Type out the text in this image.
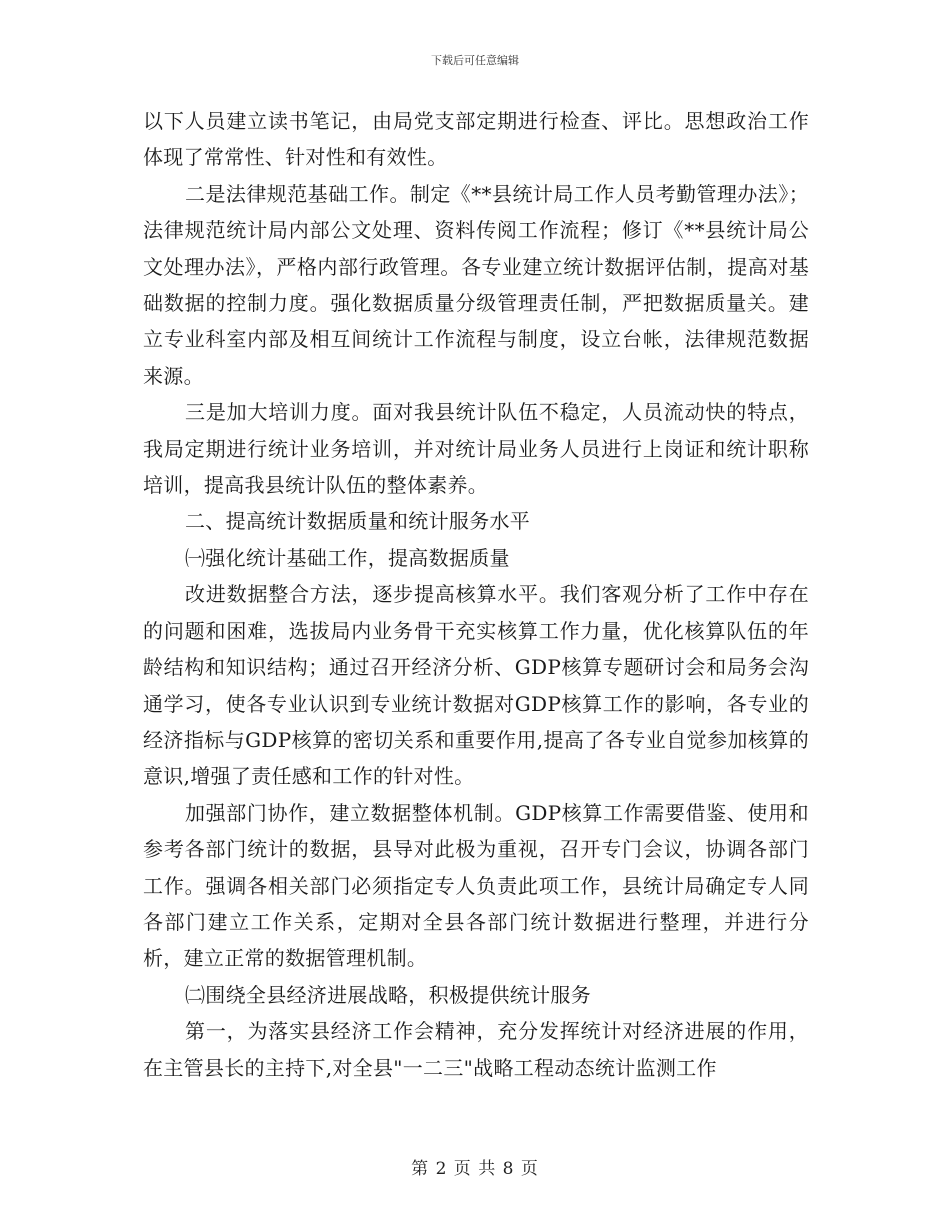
下载后可任意编辑

以下人员建立读书笔记，由局党支部定期进行检查、评比。思想政治工作体现了常常性、针对性和有效性。

二是法律规范基础工作。制定《**县统计局工作人员考勤管理办法》；法律规范统计局内部公文处理、资料传阅工作流程；修订《**县统计局公文处理办法》，严格内部行政管理。各专业建立统计数据评估制，提高对基础数据的控制力度。强化数据质量分级管理责任制，严把数据质量关。建立专业科室内部及相互间统计工作流程与制度，设立台帐，法律规范数据来源。

三是加大培训力度。面对我县统计队伍不稳定，人员流动快的特点，我局定期进行统计业务培训，并对统计局业务人员进行上岗证和统计职称培训，提高我县统计队伍的整体素养。

二、提高统计数据质量和统计服务水平

㈠强化统计基础工作，提高数据质量

改进数据整合方法，逐步提高核算水平。我们客观分析了工作中存在的问题和困难，选拔局内业务骨干充实核算工作力量，优化核算队伍的年龄结构和知识结构；通过召开经济分析、GDP核算专题研讨会和局务会沟通学习，使各专业认识到专业统计数据对GDP核算工作的影响，各专业的经济指标与GDP核算的密切关系和重要作用,提高了各专业自觉参加核算的意识,增强了责任感和工作的针对性。

加强部门协作，建立数据整体机制。GDP核算工作需要借鉴、使用和参考各部门统计的数据，县导对此极为重视，召开专门会议，协调各部门工作。强调各相关部门必须指定专人负责此项工作，县统计局确定专人同各部门建立工作关系，定期对全县各部门统计数据进行整理，并进行分析，建立正常的数据管理机制。

㈡围绕全县经济进展战略，积极提供统计服务

第一，为落实县经济工作会精神，充分发挥统计对经济进展的作用，在主管县长的主持下,对全县"一二三"战略工程动态统计监测工作

第 2 页 共 8 页
